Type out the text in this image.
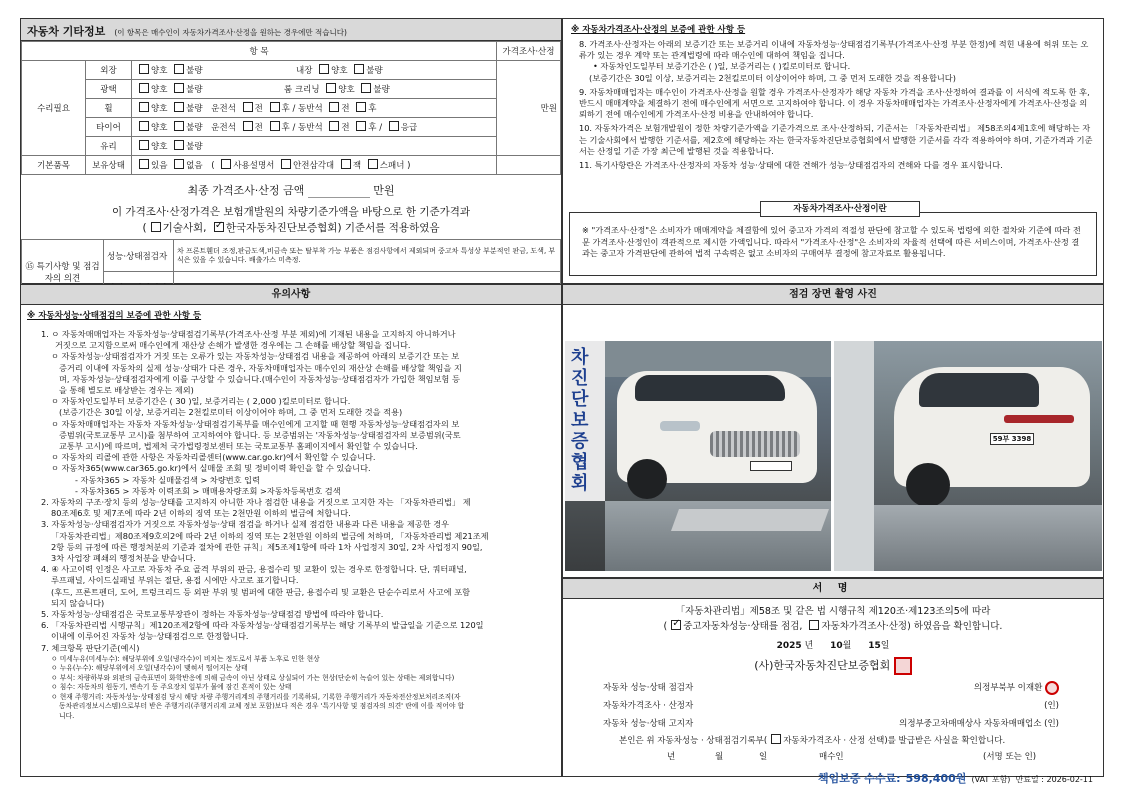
자동차 기타정보 (이 항목은 매수인이 자동차가격조사·산정을 원하는 경우에만 적습니다)
항 목			가격조사·산정
수리필요	외장	양호 불량 내장 양호 불량	만원
	광택	양호 불량 룸 크리닝 양호 불량	
	휠	양호 불량 운전석 전 후 / 동반석 전 후	
	타이어	양호 불량 운전석 전 후 / 동반석 전 후 / 응급	
	유리	양호 불량	
기본품목	보유상태	있음 없음 ( 사용설명서 안전삼각대 잭 스패너 )	
최종 가격조사·산정 금액	만원
이 가격조사·산정가격은 보험개발원의 차량기준가액을 바탕으로 한 기준가격과
( 기술사회, ✓ 한국자동차진단보증협회) 기준서를 적용하였음
⑮ 특기사항 및 점검자의 의견	성능·상태점검자	차 프론트휀더 조정,판금도색,비금속 또는 탈부착 가능 부품은 점검사항에서 제외되며 중고차 특성상 부분적인 판금, 도색, 부식은 있을 수 있습니다. 배출가스 미측정.

※ 자동차가격조사·산정의 보증에 관한 사항 등

8. 가격조사·산정자는 아래의 보증기간 또는 보증거리 이내에 자동차성능·상태점검기록부(가격조사·산정 부분 한정)에 적힌 내용에 허위 또는 오류가 있는 경우 계약 또는 관계법령에 따라 매수인에 대하여 책임을 집니다.

• 자동차인도일부터 보증기간은 ( )일, 보증거리는 ( )킬로미터로 합니다.

(보증기간은 30일 이상, 보증거리는 2천킬로미터 이상이어야 하며, 그 중 먼저 도래한 것을 적용합니다)

9. 자동차매매업자는 매수인이 가격조사·산정을 원할 경우 가격조사·산정자가 해당 자동차 가격을 조사·산정하여 결과를 이 서식에 적도록 한 후, 반드시 매매계약을 체결하기 전에 매수인에게 서면으로 고지하여야 합니다. 이 경우 자동차매매업자는 가격조사·산정자에게 가격조사·산정을 의뢰하기 전에 매수인에게 가격조사·산정 비용을 안내하여야 합니다.

10. 자동차가격은 보험개발원이 정한 차량기준가액을 기준가격으로 조사·산정하되, 기준서는 「자동차관리법」 제58조의4제1호에 해당하는 자는 기술사회에서 발행한 기준서를, 제2호에 해당하는 자는 한국자동차진단보증협회에서 발행한 기준서를 각각 적용하여야 하며, 기준가격과 기준서는 산정일 기준 가장 최근에 발행된 것을 적용합니다.

11. 특기사항란은 가격조사·산정자의 자동차 성능·상태에 대한 견해가 성능·상태점검자의 견해와 다를 경우 표시합니다.

자동차가격조사·산정이란

※ "가격조사·산정"은 소비자가 매매계약을 체결함에 있어 중고자 가격의 적절성 판단에 참고할 수 있도록 법령에 의한 절차와 기준에 따라 전문 가격조사·산정인이 객관적으로 제시한 가액입니다. 따라서 "가격조사·산정"은 소비자의 자율적 선택에 따른 서비스이며, 가격조사·산정 결과는 중고자 가격판단에 관하여 법적 구속력은 없고 소비자의 구매여부 결정에 참고자료로 활용됩니다.

유의사항
※ 자동차성능·상태점검의 보증에 관한 사항 등

1. ㅇ 자동차매매업자는 자동차성능·상태점검기록부(가격조사·산정 부분 제외)에 기재된 내용을 고지하지 아니하거나

거짓으로 고지함으로써 매수인에게 재산상 손해가 발생한 경우에는 그 손해를 배상할 책임을 집니다.

ㅇ 자동차성능·상태점검자가 거짓 또는 오류가 있는 자동차성능·상태점검 내용을 제공하여 아래의 보증기간 또는 보

증거리 이내에 자동차의 실제 성능·상태가 다른 경우, 자동차매매업자는 매수인의 재산상 손해를 배상할 책임을 지

며, 자동차성능·상태점검자에게 이를 구상할 수 있습니다.(매수인이 자동차성능·상태점검자가 가입한 책임보험 등

을 통해 별도로 배상받는 경우는 제외)

ㅇ 자동차인도일부터 보증기간은 ( 30 )일, 보증거리는 ( 2,000 )킬로미터로 합니다.

(보증기간은 30일 이상, 보증거리는 2천킬로미터 이상이어야 하며, 그 중 먼저 도래한 것을 적용)

ㅇ 자동차매매업자는 자동차 자동차성능·상태점검기록부를 매수인에게 고지할 때 현행 자동차성능·상태점검자의 보

증범위(국토교통부 고시)를 첨부하여 고지하여야 합니다. 등 보증범위는 '자동차성능·상태점검자의 보증범위(국토

교통부 고시)에 따르며, 법제처 국가법령정보센터 또는 국토교통부 홈페이지에서 확인할 수 있습니다.

ㅇ 자동차의 리콜에 관한 사항은 자동차리콜센터(www.car.go.kr)에서 확인할 수 있습니다.

ㅇ 자동차365(www.car365.go.kr)에서 실매물 조회 및 정비이력 확인을 할 수 있습니다.

- 자동차365 > 자동차 실매물검색 > 차량번호 입력

- 자동차365 > 자동차 이력조회 > 매매용차량조회 >자동차등록번호 검색

2. 자동차의 구조·장치 등의 성능·상태를 고지하지 아니한 자나 점검한 내용을 거짓으로 고지한 자는 「자동차관리법」 제

80조제6호 및 제7조에 따라 2년 이하의 징역 또는 2천만원 이하의 벌금에 처합니다.

3. 자동차성능·상태점검자가 거짓으로 자동차성능·상태 점검을 하거나 실제 점검한 내용과 다른 내용을 제공한 경우

「자동차관리법」제80조제9호의2에 따라 2년 이하의 징역 또는 2천만원 이하의 벌금에 처하며, 「자동차관리법 제21조제

2항 등의 규정에 따른 행정처분의 기준과 절차에 관한 규칙」제5조제1항에 따라 1차 사업정지 30일, 2차 사업정지 90일,

3차 사업장 폐쇄의 행정처분을 받습니다.

4. ④ 사고이력 인정은 사고로 자동차 주요 골격 부위의 판금, 용접수리 및 교환이 있는 경우로 한정합니다. 단, 쿼터패널,

루프패널, 사이드실패널 부위는 절단, 용접 시에만 사고로 표기합니다.

(후드, 프론트펜더, 도어, 트렁크리드 등 외판 부위 및 범퍼에 대한 판금, 용접수리 및 교환은 단순수리로서 사고에 포함

되지 않습니다)

5. 자동차성능·상태점검은 국토교통부장관이 정하는 자동차성능·상태점검 방법에 따라야 합니다.

6. 「자동차관리법 시행규칙」제120조제2항에 따라 자동차성능·상태점검기록부는 해당 기록부의 발급일을 기준으로 120일

이내에 이루어진 자동차 성능·상태점검으로 한정합니다.

7. 체크항목 판단기준(예시)

ㅇ 미세누유(미세누수): 해당부위에 오일(냉각수)이 비치는 정도로서 부품 노후로 인한 현상

ㅇ 누유(누수): 해당부위에서 오일(냉각수)이 맺혀서 떨어지는 상태

ㅇ 부식: 차량하부와 외판의 금속표면이 화학반응에 의해 금속이 아닌 상태로 상실되어 가는 현상(단순히 녹슬어 있는 상태는 제외합니다)

ㅇ 침수: 자동차의 원동기, 변속기 등 주요장치 일부가 물에 잠긴 흔적이 있는 상태

ㅇ 현재 주행거리: 자동차성능·상태점검 당시 해당 차량 주행거리계의 주행거리를 기록하되, 기록한 주행거리가 자동차전산정보처리조직(자

동차관리정보시스템)으로부터 받은 주행거리(주행거리계 교체 정보 포함)보다 적은 경우 '특기사항 및 점검자의 의견' 란에 이를 적어야 합

니다.

점검 장면 촬영 사진
차진단보증협회
59부 3398
서 명
「자동차관리법」제58조 및 같은 법 시행규칙 제120조·제123조의5에 따라
( ✓ 중고자동차성능·상태를 점검, 자동차가격조사·산정) 하였음을 확인합니다.
2025 년 10월 15일
(사)한국자동차진단보증협회
자동차 성능·상태 점검자	의정부북부 이재환
자동차가격조사 · 산정자	(인)
자동차 성능·상태 고지자	의정부중고차매매상사 자동차매매업소 (인)
본인은 위 자동차성능 · 상태점검기록부( 자동차가격조사 · 산정 선택)를 발급받은 사실을 확인합니다.
년	월	일	매수인	(서명 또는 인)
책임보증 수수료: 598,400원 (VAT 포함) 만료일 : 2026-02-11
